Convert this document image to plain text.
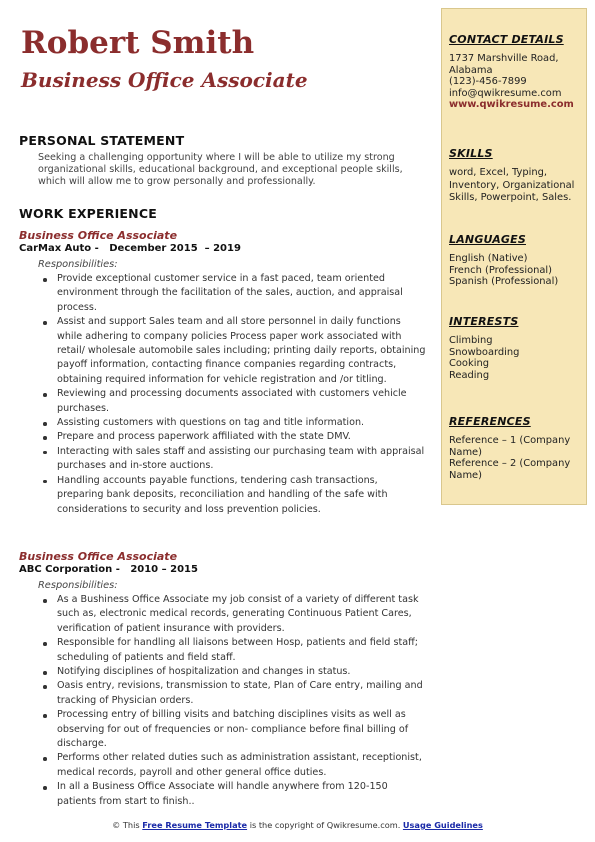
Robert Smith
Business Office Associate
PERSONAL STATEMENT

Seeking a challenging opportunity where I will be able to utilize my strong organizational skills, educational background, and exceptional people skills, which will allow me to grow personally and professionally.

WORK EXPERIENCE

Business Office Associate

CarMax Auto - December 2015  – 2019

Responsibilities:

Provide exceptional customer service in a fast paced, team oriented environment through the facilitation of the sales, auction, and appraisal process.
Assist and support Sales team and all store personnel in daily functions while adhering to company policies Process paper work associated with retail/ wholesale automobile sales including; printing daily reports, obtaining payoff information, contacting finance companies regarding contracts, obtaining required information for vehicle registration and /or titling.
Reviewing and processing documents associated with customers vehicle purchases.
Assisting customers with questions on tag and title information.
Prepare and process paperwork affiliated with the state DMV.
Interacting with sales staff and assisting our purchasing team with appraisal purchases and in-store auctions.
Handling accounts payable functions, tendering cash transactions, preparing bank deposits, reconciliation and handling of the safe with considerations to security and loss prevention policies.

Business Office Associate

ABC Corporation - 2010 – 2015

Responsibilities:

As a Bushiness Office Associate my job consist of a variety of different task such as, electronic medical records, generating Continuous Patient Cares, verification of patient insurance with providers.
Responsible for handling all liaisons between Hosp, patients and field staff; scheduling of patients and field staff.
Notifying disciplines of hospitalization and changes in status.
Oasis entry, revisions, transmission to state, Plan of Care entry, mailing and tracking of Physician orders.
Processing entry of billing visits and batching disciplines visits as well as observing for out of frequencies or non- compliance before final billing of discharge.
Performs other related duties such as administration assistant, receptionist, medical records, payroll and other general office duties.
In all a Business Office Associate will handle anywhere from 120-150 patients from start to finish..

CONTACT DETAILS

1737 Marshville Road, Alabama

(123)-456-7899

info@qwikresume.com

www.qwikresume.com

SKILLS

word, Excel, Typing, Inventory, Organizational Skills, Powerpoint, Sales.

LANGUAGES

English (Native)

French (Professional)

Spanish (Professional)

INTERESTS

Climbing

Snowboarding

Cooking

Reading

REFERENCES

Reference – 1 (Company Name)

Reference – 2 (Company Name)

© This Free Resume Template is the copyright of Qwikresume.com. Usage Guidelines
